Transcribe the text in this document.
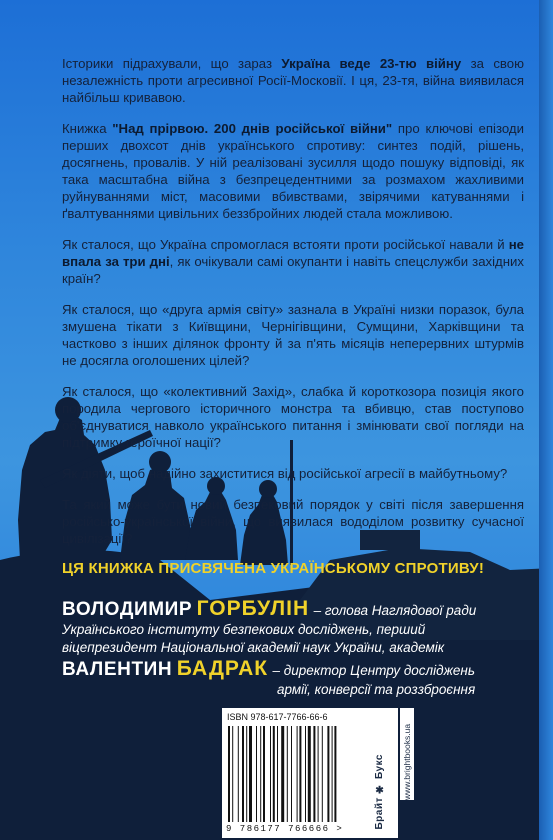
Історики підрахували, що зараз Україна веде 23-тю війну за свою незалежність проти агресивної Росії-Московії. І ця, 23-тя, війна виявилася найбільш кривавою.

Книжка "Над прірвою. 200 днів російської війни" про ключові епізоди перших двохсот днів українського спротиву: синтез подій, рішень, досягнень, провалів. У ній реалізовані зусилля щодо пошуку відповіді, як така масштабна війна з безпрецедентними за розмахом жахливими руйнуваннями міст, масовими вбивствами, звірячими катуваннями і ґвалтуваннями цивільних беззбройних людей стала можливою.

Як сталося, що Україна спромоглася встояти проти російської навали й не впала за три дні, як очікували самі окупанти і навіть спецслужби західних країн?

Як сталося, що «друга армія світу» зазнала в Україні низки поразок, була змушена тікати з Київщини, Чернігівщини, Сумщини, Харківщини та частково з інших ділянок фронту й за п'ять місяців неперервних штурмів не досягла оголошених цілей?

Як сталося, що «колективний Захід», слабка й короткозора позиція якого породила чергового історичного монстра та вбивцю, став поступово об'єднуватися навколо українського питання і змінювати свої погляди на підтримку героїчної нації?

Як діяти, щоб надійно захиститися від російської агресії в майбутньому?

Та який може бути новий безпековий порядок у світі після завершення російсько-української війни, що виявилася вододілом розвитку сучасної цивілізації?

ЦЯ КНИЖКА ПРИСВЯЧЕНА УКРАЇНСЬКОМУ СПРОТИВУ!
ВОЛОДИМИР ГОРБУЛІН – голова Наглядової ради
Українського інституту безпекових досліджень, перший
віцепрезидент Національної академії наук України, академік
ВАЛЕНТИН БАДРАК – директор Центру досліджень
армії, конверсії та роззброєння
ISBN 978-617-7766-66-6
9 786177 766666 >	Брайт ✱ Букс www.brightbooks.ua
